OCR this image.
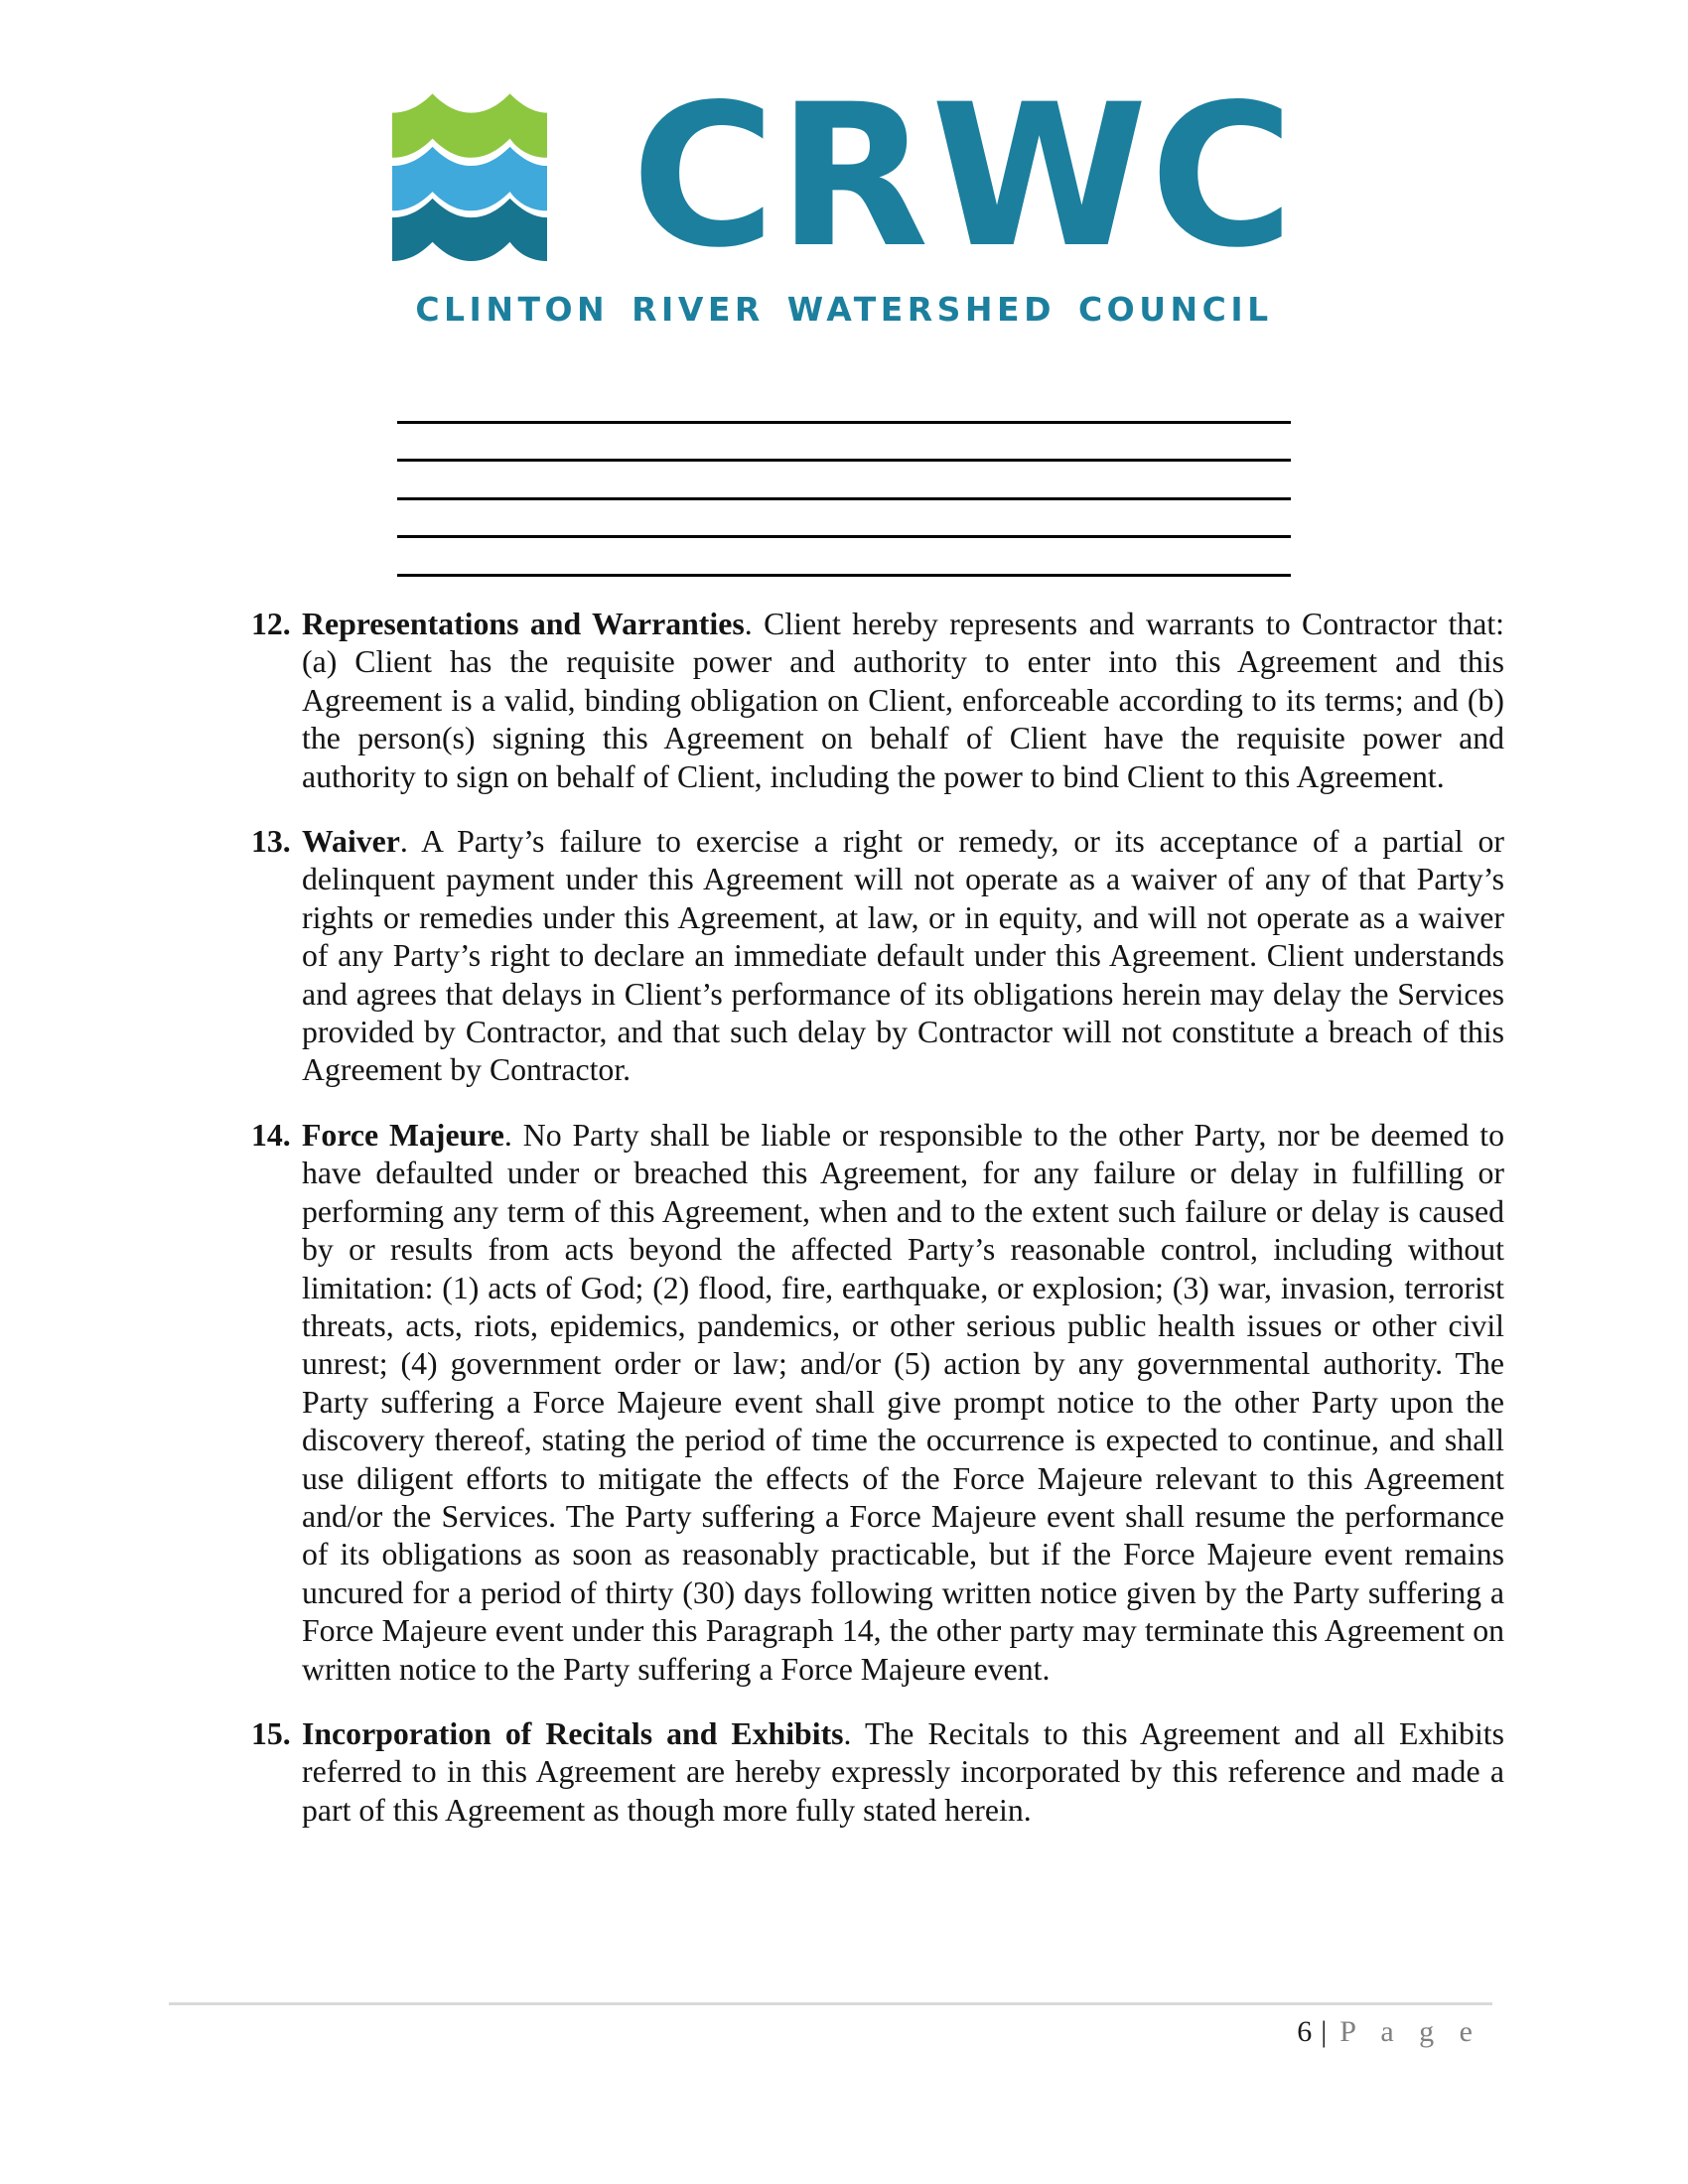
CRWC
CLINTON RIVER WATERSHED COUNCIL
12. Representations and Warranties. Client hereby represents and warrants to Contractor that: (a) Client has the requisite power and authority to enter into this Agreement and this Agreement is a valid, binding obligation on Client, enforceable according to its terms; and (b) the person(s) signing this Agreement on behalf of Client have the requisite power and authority to sign on behalf of Client, including the power to bind Client to this Agreement.
13. Waiver. A Party’s failure to exercise a right or remedy, or its acceptance of a partial or delinquent payment under this Agreement will not operate as a waiver of any of that Party’s rights or remedies under this Agreement, at law, or in equity, and will not operate as a waiver of any Party’s right to declare an immediate default under this Agreement. Client understands and agrees that delays in Client’s performance of its obligations herein may delay the Services provided by Contractor, and that such delay by Contractor will not constitute a breach of this Agreement by Contractor.
14. Force Majeure. No Party shall be liable or responsible to the other Party, nor be deemed to have defaulted under or breached this Agreement, for any failure or delay in fulfilling or performing any term of this Agreement, when and to the extent such failure or delay is caused by or results from acts beyond the affected Party’s reasonable control, including without limitation: (1) acts of God; (2) flood, fire, earthquake, or explosion; (3) war, invasion, terrorist threats, acts, riots, epidemics, pandemics, or other serious public health issues or other civil unrest; (4) government order or law; and/or (5) action by any governmental authority. The Party suffering a Force Majeure event shall give prompt notice to the other Party upon the discovery thereof, stating the period of time the occurrence is expected to continue, and shall use diligent efforts to mitigate the effects of the Force Majeure relevant to this Agreement and/or the Services. The Party suffering a Force Majeure event shall resume the performance of its obligations as soon as reasonably practicable, but if the Force Majeure event remains uncured for a period of thirty (30) days following written notice given by the Party suffering a Force Majeure event under this Paragraph 14, the other party may terminate this Agreement on written notice to the Party suffering a Force Majeure event.
15. Incorporation of Recitals and Exhibits. The Recitals to this Agreement and all Exhibits referred to in this Agreement are hereby expressly incorporated by this reference and made a part of this Agreement as though more fully stated herein.
6 | P a g e
